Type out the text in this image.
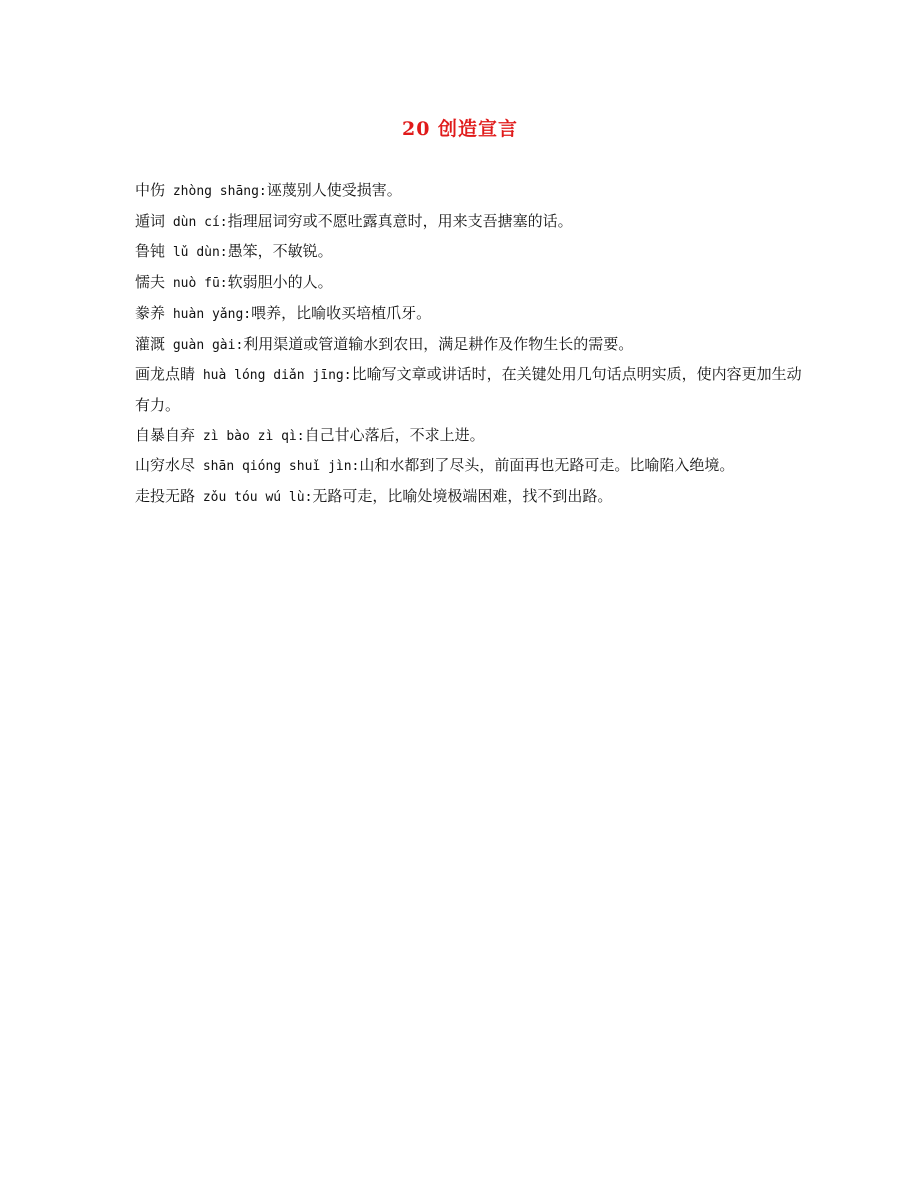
20 创造宣言
中伤 zhòng shāng:诬蔑别人使受损害。
遁词 dùn cí:指理屈词穷或不愿吐露真意时，用来支吾搪塞的话。
鲁钝 lǔ dùn:愚笨，不敏锐。
懦夫 nuò fū:软弱胆小的人。
豢养 huàn yǎng:喂养，比喻收买培植爪牙。
灌溉 guàn gài:利用渠道或管道输水到农田，满足耕作及作物生长的需要。
画龙点睛 huà lóng diǎn jīng:比喻写文章或讲话时，在关键处用几句话点明实质，使内容更加生动有力。
自暴自弃 zì bào zì qì:自己甘心落后，不求上进。
山穷水尽 shān qióng shuǐ jìn:山和水都到了尽头，前面再也无路可走。比喻陷入绝境。
走投无路 zǒu tóu wú lù:无路可走，比喻处境极端困难，找不到出路。
